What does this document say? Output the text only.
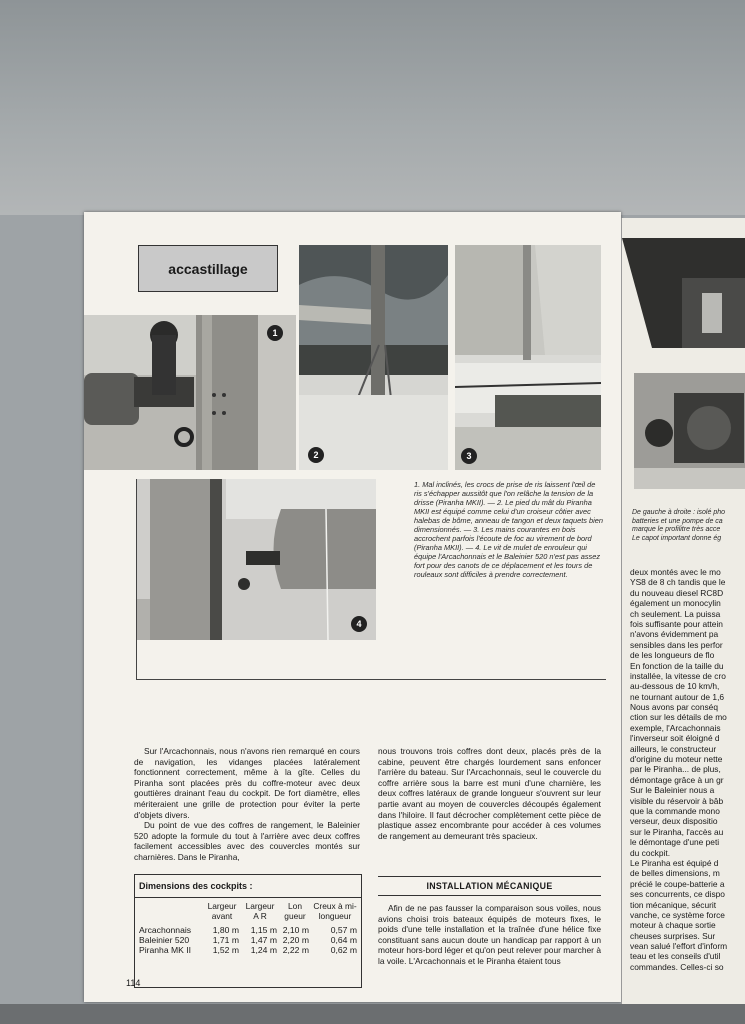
accastillage
1
2	3
4
1. Mal inclinés, les crocs de prise de ris laissent l'œil de ris s'échapper aussitôt que l'on relâche la tension de la drisse (Piranha MKII). — 2. Le pied du mât du Piranha MKII est équipé comme celui d'un croiseur côtier avec halebas de bôme, anneau de tangon et deux taquets bien dimensionnés. — 3. Les mains courantes en bois accrochent parfois l'écoute de foc au virement de bord (Piranha MKII). — 4. Le vit de mulet de enrouleur qui équipe l'Arcachonnais et le Baleinier 520 n'est pas assez fort pour des canots de ce déplacement et les tours de rouleaux sont difficiles à prendre correctement.

Sur l'Arcachonnais, nous n'avons rien remarqué en cours de navigation, les vidanges placées latéralement fonctionnent correctement, même à la gîte. Celles du Piranha sont placées près du coffre-moteur avec deux gouttières drainant l'eau du cockpit. De fort diamètre, elles mériteraient une grille de protection pour éviter la perte d'objets divers.

Du point de vue des coffres de rangement, le Baleinier 520 adopte la formule du tout à l'arrière avec deux coffres facilement accessibles avec des couvercles montés sur charnières. Dans le Piranha,

nous trouvons trois coffres dont deux, placés près de la cabine, peuvent être chargés lourdement sans enfoncer l'arrière du bateau. Sur l'Arcachonnais, seul le couvercle du coffre arrière sous la barre est muni d'une charnière, les deux coffres latéraux de grande longueur s'ouvrent sur leur partie avant au moyen de couvercles découpés également dans l'hiloire. Il faut décrocher complètement cette pièce de plastique assez encombrante pour accéder à ces volumes de rangement au demeurant très spacieux.

Dimensions des cockpits :
	Largeur avant	Largeur A R	Lon gueur	Creux à mi- longueur
Arcachonnais	1,80 m	1,15 m	2,10 m	0,57 m
Baleinier 520	1,71 m	1,47 m	2,20 m	0,64 m
Piranha MK II	1,52 m	1,24 m	2,22 m	0,62 m
INSTALLATION MÉCANIQUE

Afin de ne pas fausser la comparaison sous voiles, nous avions choisi trois bateaux équipés de moteurs fixes, le poids d'une telle installation et la traînée d'une hélice fixe constituant sans aucun doute un handicap par rapport à un moteur hors-bord léger et qu'on peut relever pour marcher à la voile. L'Arcachonnais et le Piranha étaient tous

114
De gauche à droite : isolé pho
batteries et une pompe de ca
marque le profilitre très acce
Le capot important donne ég
deux montés avec le mo
YS8 de 8 ch tandis que le
du nouveau diesel RC8D
également un monocylin
ch seulement. La puissa
fois suffisante pour attein
n'avons évidemment pa
sensibles dans les perfor
de les longueurs de flo
En fonction de la taille du
installée, la vitesse de cro
au-dessous de 10 km/h,
ne tournant autour de 1,6
Nous avons par conséq
ction sur les détails de mo
exemple, l'Arcachonnais
l'inverseur soit éloigné d
ailleurs, le constructeur
d'origine du moteur nette
par le Piranha... de plus,
démontage grâce à un gr
Sur le Baleinier nous a
visible du réservoir à bâb
que la commande mono
verseur, deux dispositio
sur le Piranha, l'accès au
le démontage d'une peti
du cockpit.
Le Piranha est équipé d
de belles dimensions, m
précié le coupe-batterie a
ses concurrents, ce dispo
tion mécanique, sécurit
vanche, ce système force
moteur à chaque sortie
cheuses surprises. Sur
vean salué l'effort d'inform
teau et les conseils d'util
commandes. Celles-ci so
